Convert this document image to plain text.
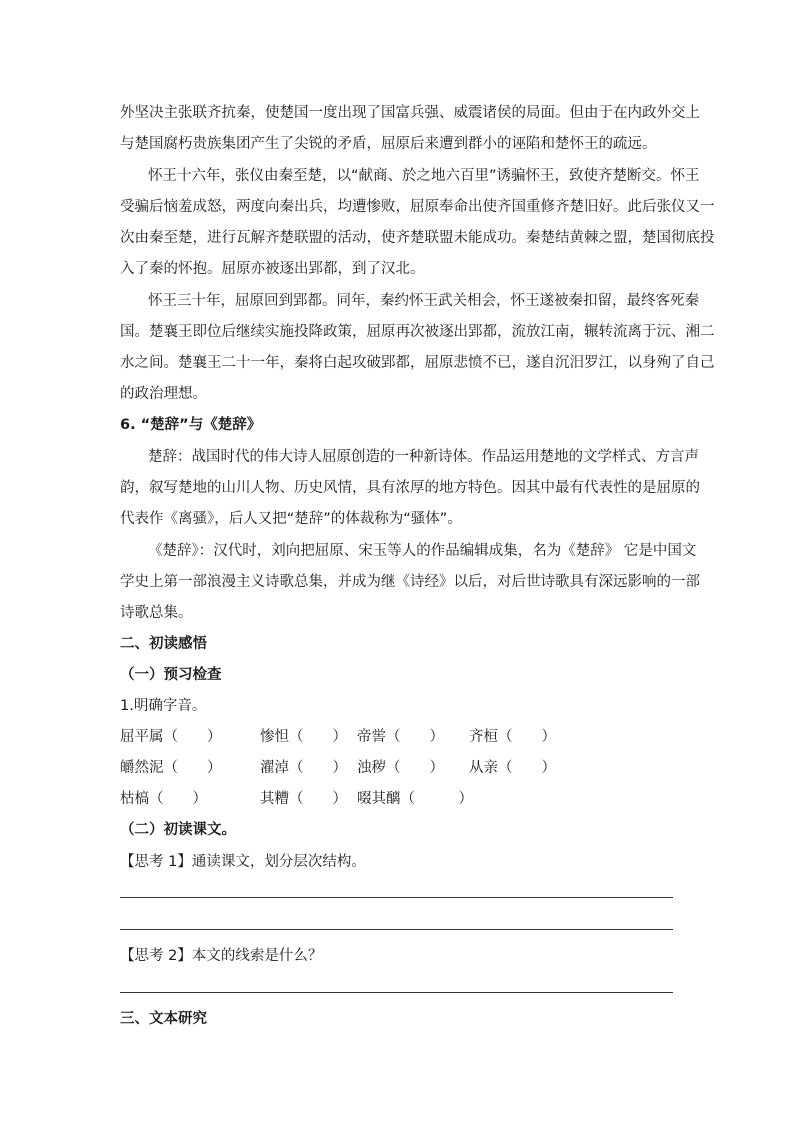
外坚决主张联齐抗秦，使楚国一度出现了国富兵强、威震诸侯的局面。但由于在内政外交上
与楚国腐朽贵族集团产生了尖锐的矛盾，屈原后来遭到群小的诬陷和楚怀王的疏远。
怀王十六年，张仪由秦至楚，以“献商、於之地六百里”诱骗怀王，致使齐楚断交。怀王
受骗后恼羞成怒，两度向秦出兵，均遭惨败，屈原奉命出使齐国重修齐楚旧好。此后张仪又一
次由秦至楚，进行瓦解齐楚联盟的活动，使齐楚联盟未能成功。秦楚结黄棘之盟，楚国彻底投
入了秦的怀抱。屈原亦被逐出郢都，到了汉北。
怀王三十年，屈原回到郢都。同年，秦约怀王武关相会，怀王遂被秦扣留，最终客死秦
国。楚襄王即位后继续实施投降政策，屈原再次被逐出郢都，流放江南，辗转流离于沅、湘二
水之间。楚襄王二十一年，秦将白起攻破郢都，屈原悲愤不已，遂自沉汨罗江，以身殉了自己
的政治理想。
6. “楚辞”与《楚辞》
楚辞：战国时代的伟大诗人屈原创造的一种新诗体。作品运用楚地的文学样式、方言声
韵，叙写楚地的山川人物、历史风情，具有浓厚的地方特色。因其中最有代表性的是屈原的
代表作《离骚》，后人又把“楚辞”的体裁称为“骚体”。
《楚辞》：汉代时，刘向把屈原、宋玉等人的作品编辑成集，名为《楚辞》 它是中国文
学史上第一部浪漫主义诗歌总集，并成为继《诗经》以后，对后世诗歌具有深远影响的一部
诗歌总集。
二、初读感悟
（一）预习检查
1.明确字音。
屈平属（　　）	惨怛（　　） 帝喾（　　） 齐桓（　　）
皭然泥（　　）	濯淖（　　） 浊秽（　　） 从亲（　　）
枯槁（　　）	其糟（　　） 啜其醨（　　　）
（二）初读课文。
【思考 1】通读课文，划分层次结构。
【思考 2】本文的线索是什么？
三、文本研究
